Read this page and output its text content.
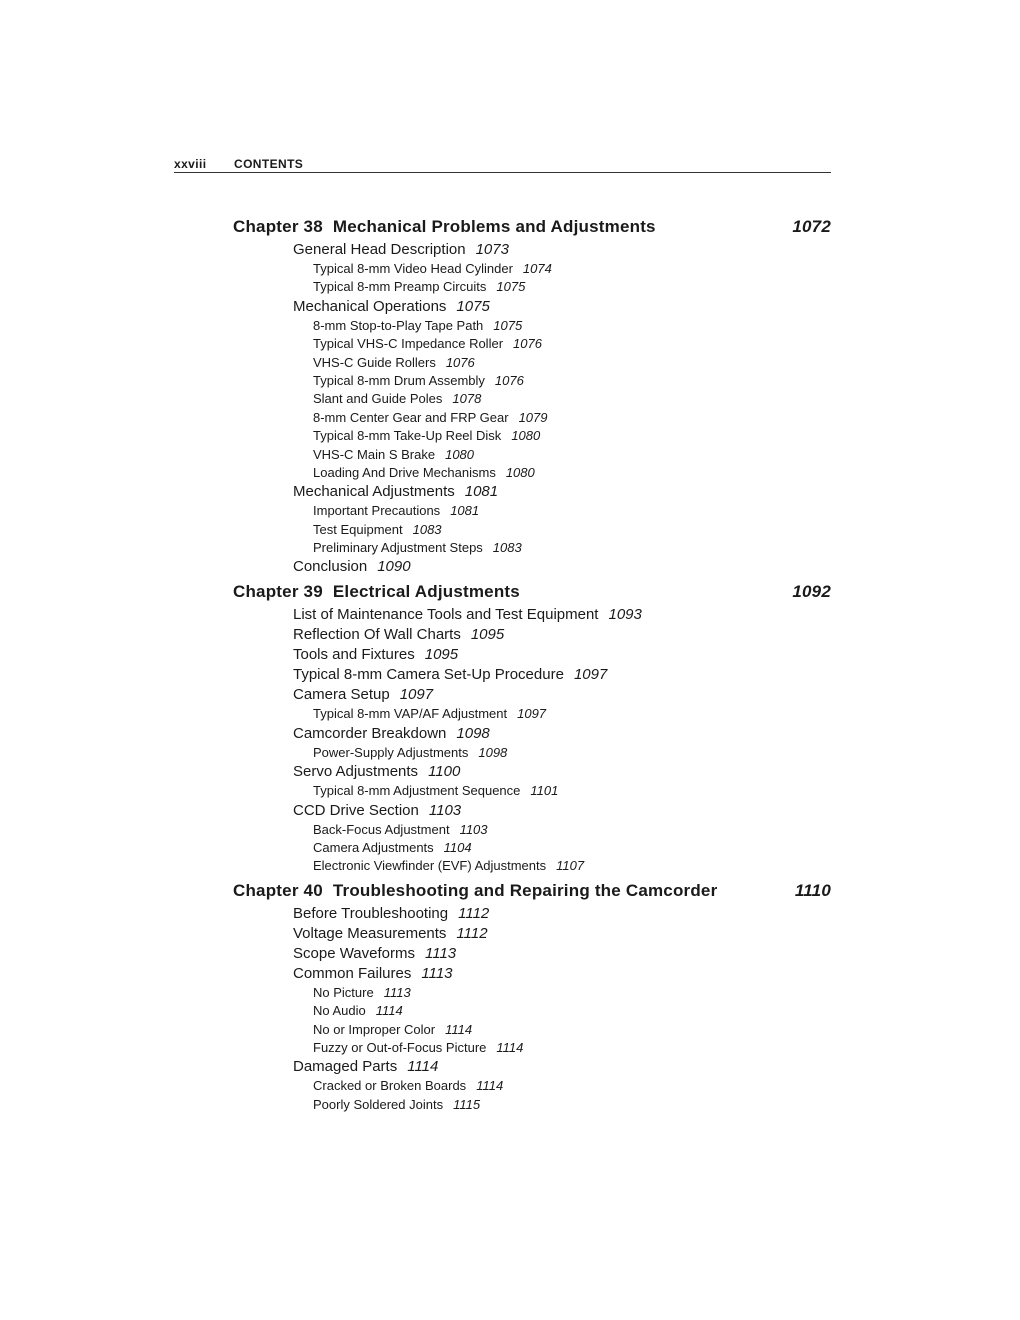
xxviii CONTENTS
Chapter 38 Mechanical Problems and Adjustments	1072
General Head Description 1073
Typical 8-mm Video Head Cylinder 1074
Typical 8-mm Preamp Circuits 1075
Mechanical Operations 1075
8-mm Stop-to-Play Tape Path 1075
Typical VHS-C Impedance Roller 1076
VHS-C Guide Rollers 1076
Typical 8-mm Drum Assembly 1076
Slant and Guide Poles 1078
8-mm Center Gear and FRP Gear 1079
Typical 8-mm Take-Up Reel Disk 1080
VHS-C Main S Brake 1080
Loading And Drive Mechanisms 1080
Mechanical Adjustments 1081
Important Precautions 1081
Test Equipment 1083
Preliminary Adjustment Steps 1083
Conclusion 1090
Chapter 39 Electrical Adjustments	1092
List of Maintenance Tools and Test Equipment 1093
Reflection Of Wall Charts 1095
Tools and Fixtures 1095
Typical 8-mm Camera Set-Up Procedure 1097
Camera Setup 1097
Typical 8-mm VAP/AF Adjustment 1097
Camcorder Breakdown 1098
Power-Supply Adjustments 1098
Servo Adjustments 1100
Typical 8-mm Adjustment Sequence 1101
CCD Drive Section 1103
Back-Focus Adjustment 1103
Camera Adjustments 1104
Electronic Viewfinder (EVF) Adjustments 1107
Chapter 40 Troubleshooting and Repairing the Camcorder	1110
Before Troubleshooting 1112
Voltage Measurements 1112
Scope Waveforms 1113
Common Failures 1113
No Picture 1113
No Audio 1114
No or Improper Color 1114
Fuzzy or Out-of-Focus Picture 1114
Damaged Parts 1114
Cracked or Broken Boards 1114
Poorly Soldered Joints 1115
